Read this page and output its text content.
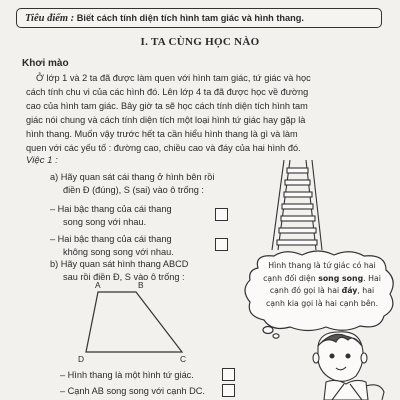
Tiêu điểm : Biết cách tính diện tích hình tam giác và hình thang.
I. TA CÙNG HỌC NÀO
Khơi mào
Ở lớp 1 và 2 ta đã được làm quen với hình tam giác, tứ giác và học
cách tính chu vi của các hình đó. Lên lớp 4 ta đã được học về đường
cao của hình tam giác. Bây giờ ta sẽ học cách tính diện tích hình tam
giác nói chung và cách tính diện tích một loại hình tứ giác hay gặp là
hình thang. Muốn vậy trước hết ta cần hiểu hình thang là gì và làm
quen với các yếu tố : đường cao, chiều cao và đáy của hai hình đó.
Việc 1 :
a) Hãy quan sát cái thang ở hình bên rồi
điền Đ (đúng), S (sai) vào ô trống :
– Hai bậc thang của cái thang
song song với nhau.
– Hai bậc thang của cái thang
không song song với nhau.
b) Hãy quan sát hình thang ABCD
sau rồi điền Đ, S vào ô trống :
A	B
C
D
– Hình thang là một hình tứ giác.
– Cạnh AB song song với cạnh DC.
Hình thang là tứ giác có hai
cạnh đối diện song song. Hai
cạnh đó gọi là hai đáy, hai
cạnh kia gọi là hai cạnh bên.
